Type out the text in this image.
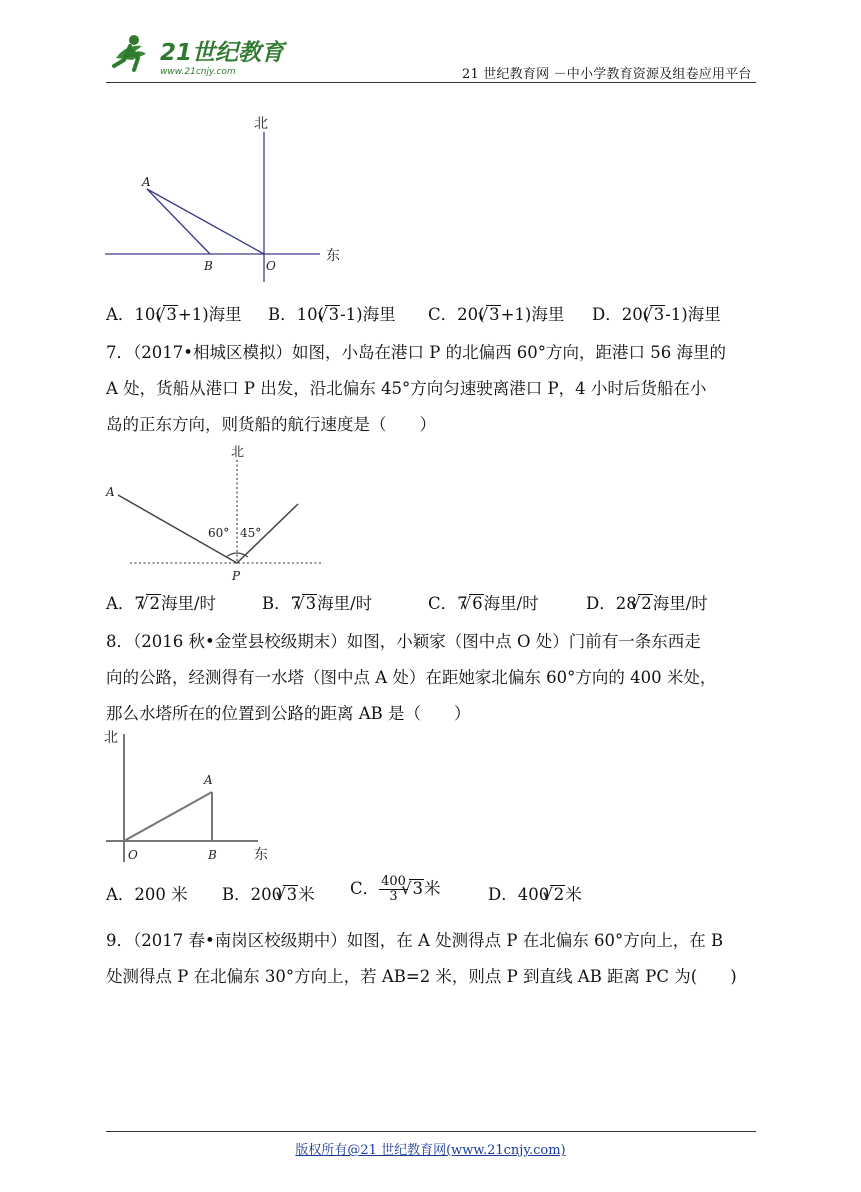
21世纪教育
www.21cnjy.com	21 世纪教育网 －中小学教育资源及组卷应用平台
北
东
A
B	O
A．10( √ 3+1)海里 B．10( √ 3-1)海里 C．20( √ 3+1)海里 D．20( √ 3-1)海里
7．（2017•相城区模拟）如图，小岛在港口 P 的北偏西 60°方向，距港口 56 海里的
A 处，货船从港口 P 出发，沿北偏东 45°方向匀速驶离港口 P，4 小时后货船在小
岛的正东方向，则货船的航行速度是（　　）
北
A
P
60° 45°
A．7 √ 2海里/时	B．7 √ 3海里/时	C．7 √ 6海里/时	D．28 √ 2海里/时
8．（2016 秋•金堂县校级期末）如图，小颖家（图中点 O 处）门前有一条东西走
向的公路，经测得有一水塔（图中点 A 处）在距她家北偏东 60°方向的 400 米处，
那么水塔所在的位置到公路的距离 AB 是（　　）
北
东
A
B
O
A．200 米 B．200 √ 3米 C． $\frac{400}{3}$ √ 3米	D．400 √ 2米
9．（2017 春•南岗区校级期中）如图，在 A 处测得点 P 在北偏东 60°方向上，在 B
处测得点 P 在北偏东 30°方向上，若 AB=2 米，则点 P 到直线 AB 距离 PC 为(　　)
版权所有@21 世纪教育网(www.21cnjy.com)
